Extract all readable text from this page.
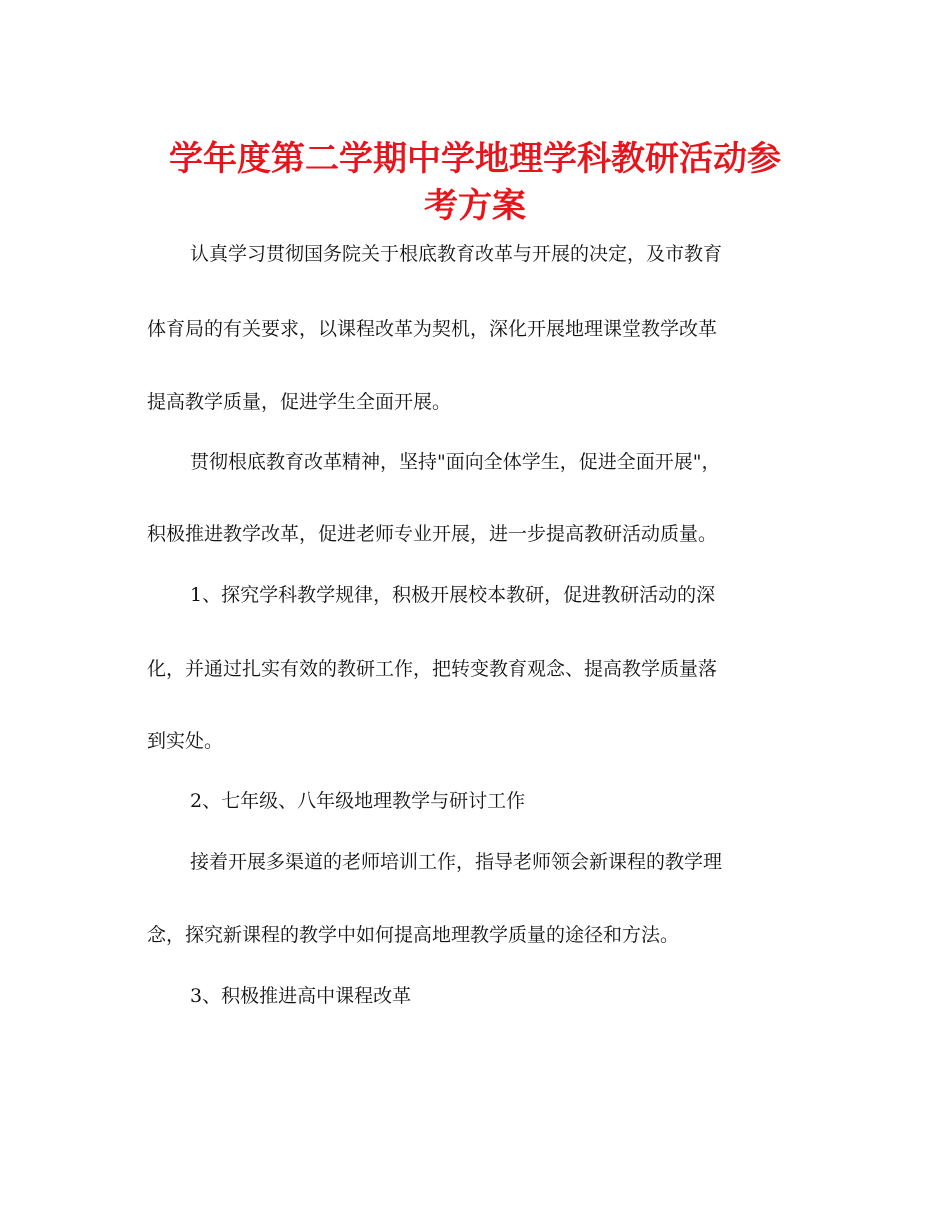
学年度第二学期中学地理学科教研活动参
考方案

认真学习贯彻国务院关于根底教育改革与开展的决定，及市教育

体育局的有关要求，以课程改革为契机，深化开展地理课堂教学改革

提高教学质量，促进学生全面开展。

贯彻根底教育改革精神，坚持"面向全体学生，促进全面开展"，

积极推进教学改革，促进老师专业开展，进一步提高教研活动质量。

1、探究学科教学规律，积极开展校本教研，促进教研活动的深

化，并通过扎实有效的教研工作，把转变教育观念、提高教学质量落

到实处。

2、七年级、八年级地理教学与研讨工作

接着开展多渠道的老师培训工作，指导老师领会新课程的教学理

念，探究新课程的教学中如何提高地理教学质量的途径和方法。

3、积极推进高中课程改革
